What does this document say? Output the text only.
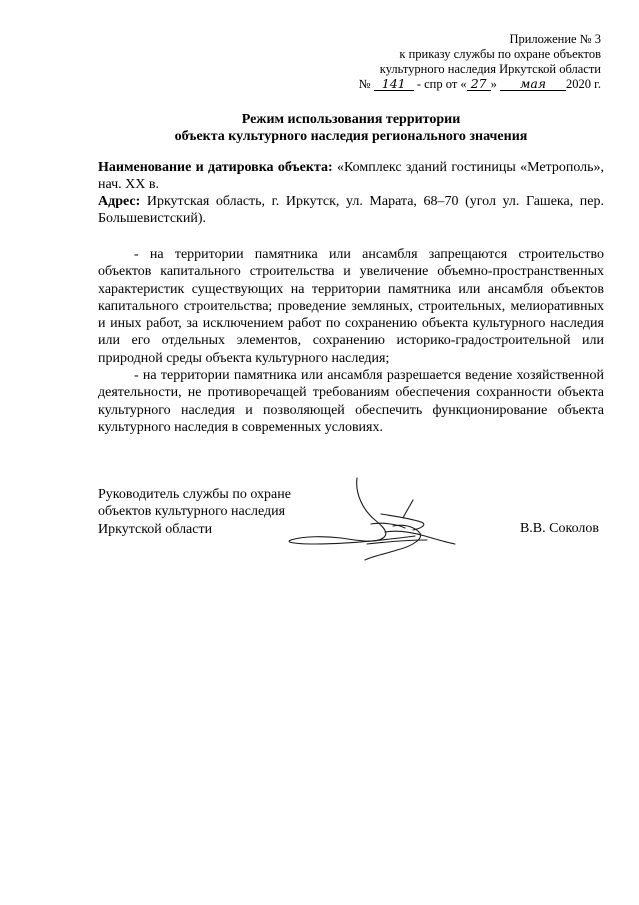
Приложение № 3
к приказу службы по охране объектов
культурного наследия Иркутской области
№ 141 - спр от « 27 » мая 2020 г.
Режим использования территории
объекта культурного наследия регионального значения
Наименование и датировка объекта: «Комплекс зданий гостиницы «Метрополь», нач. XX в.
Адрес: Иркутская область, г. Иркутск, ул. Марата, 68–70 (угол ул. Гашека, пер. Большевистский).
- на территории памятника или ансамбля запрещаются строительство объектов капитального строительства и увеличение объемно-пространственных характеристик существующих на территории памятника или ансамбля объектов капитального строительства; проведение земляных, строительных, мелиоративных и иных работ, за исключением работ по сохранению объекта культурного наследия или его отдельных элементов, сохранению историко-градостроительной или природной среды объекта культурного наследия;
- на территории памятника или ансамбля разрешается ведение хозяйственной деятельности, не противоречащей требованиям обеспечения сохранности объекта культурного наследия и позволяющей обеспечить функционирование объекта культурного наследия в современных условиях.
Руководитель службы по охране
объектов культурного наследия
Иркутской области	В.В. Соколов
